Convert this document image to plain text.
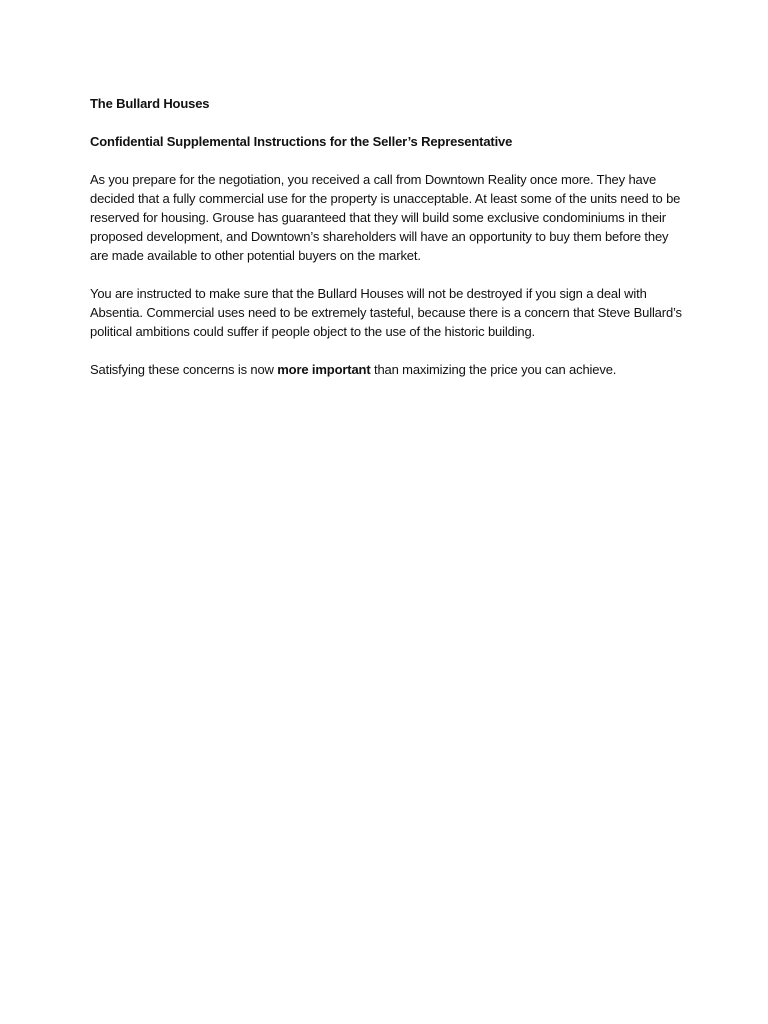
The Bullard Houses

Confidential Supplemental Instructions for the Seller’s Representative

As you prepare for the negotiation, you received a call from Downtown Reality once more. They have decided that a fully commercial use for the property is unacceptable. At least some of the units need to be reserved for housing. Grouse has guaranteed that they will build some exclusive condominiums in their proposed development, and Downtown’s shareholders will have an opportunity to buy them before they are made available to other potential buyers on the market.

You are instructed to make sure that the Bullard Houses will not be destroyed if you sign a deal with Absentia. Commercial uses need to be extremely tasteful, because there is a concern that Steve Bullard’s political ambitions could suffer if people object to the use of the historic building.

Satisfying these concerns is now more important than maximizing the price you can achieve.
